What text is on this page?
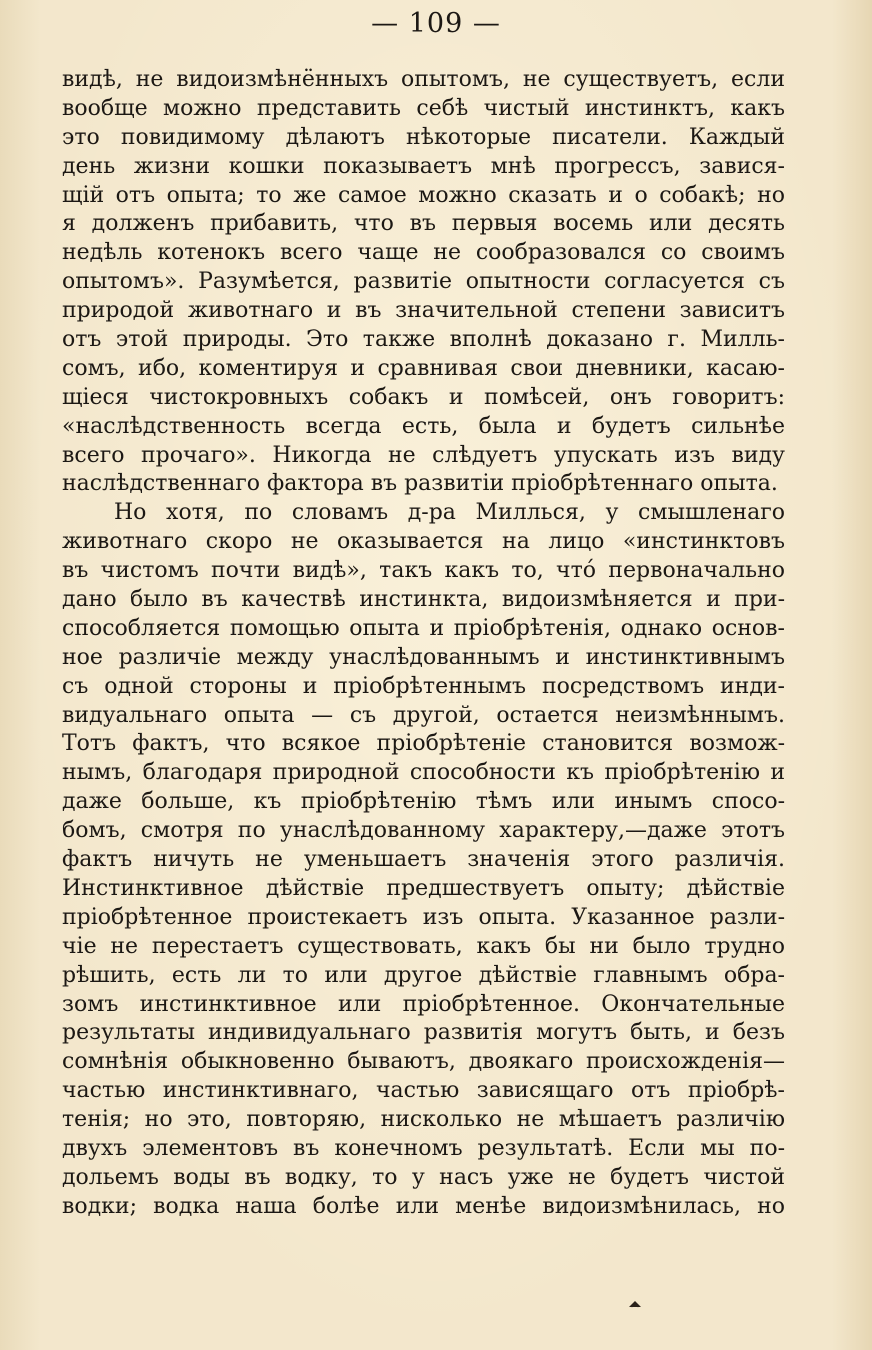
— 109 —
видѣ, не видоизмѣнённыхъ опытомъ, не существуетъ, если
вообще можно представить себѣ чистый инстинктъ, какъ
это повидимому дѣлаютъ нѣкоторые писатели. Каждый
день жизни кошки показываетъ мнѣ прогрессъ, завися-
щій отъ опыта; то же самое можно сказать и о собакѣ; но
я долженъ прибавить, что въ первыя восемь или десять
недѣль котенокъ всего чаще не сообразовался со своимъ
опытомъ». Разумѣется, развитіе опытности согласуется съ
природой животнаго и въ значительной степени зависитъ
отъ этой природы. Это также вполнѣ доказано г. Милль-
сомъ, ибо, коментируя и сравнивая свои дневники, касаю-
щіеся чистокровныхъ собакъ и помѣсей, онъ говоритъ:
«наслѣдственность всегда есть, была и будетъ сильнѣе
всего прочаго». Никогда не слѣдуетъ упускать изъ виду
наслѣдственнаго фактора въ развитіи пріобрѣтеннаго опыта.
Но хотя, по словамъ д-ра Миллься, у смышленаго
животнаго скоро не оказывается на лицо «инстинктовъ
въ чистомъ почти видѣ», такъ какъ то, что́ первоначально
дано было въ качествѣ инстинкта, видоизмѣняется и при-
способляется помощью опыта и пріобрѣтенія, однако основ-
ное различіе между унаслѣдованнымъ и инстинктивнымъ
съ одной стороны и пріобрѣтеннымъ посредствомъ инди-
видуальнаго опыта — съ другой, остается неизмѣннымъ.
Тотъ фактъ, что всякое пріобрѣтеніе становится возмож-
нымъ, благодаря природной способности къ пріобрѣтенію и
даже больше, къ пріобрѣтенію тѣмъ или инымъ спосо-
бомъ, смотря по унаслѣдованному характеру,—даже этотъ
фактъ ничуть не уменьшаетъ значенія этого различія.
Инстинктивное дѣйствіе предшествуетъ опыту; дѣйствіе
пріобрѣтенное проистекаетъ изъ опыта. Указанное разли-
чіе не перестаетъ существовать, какъ бы ни было трудно
рѣшить, есть ли то или другое дѣйствіе главнымъ обра-
зомъ инстинктивное или пріобрѣтенное. Окончательные
результаты индивидуальнаго развитія могутъ быть, и безъ
сомнѣнія обыкновенно бываютъ, двоякаго происхожденія—
частью инстинктивнаго, частью зависящаго отъ пріобрѣ-
тенія; но это, повторяю, нисколько не мѣшаетъ различію
двухъ элементовъ въ конечномъ результатѣ. Если мы по-
дольемъ воды въ водку, то у насъ уже не будетъ чистой
водки; водка наша болѣе или менѣе видоизмѣнилась, но
